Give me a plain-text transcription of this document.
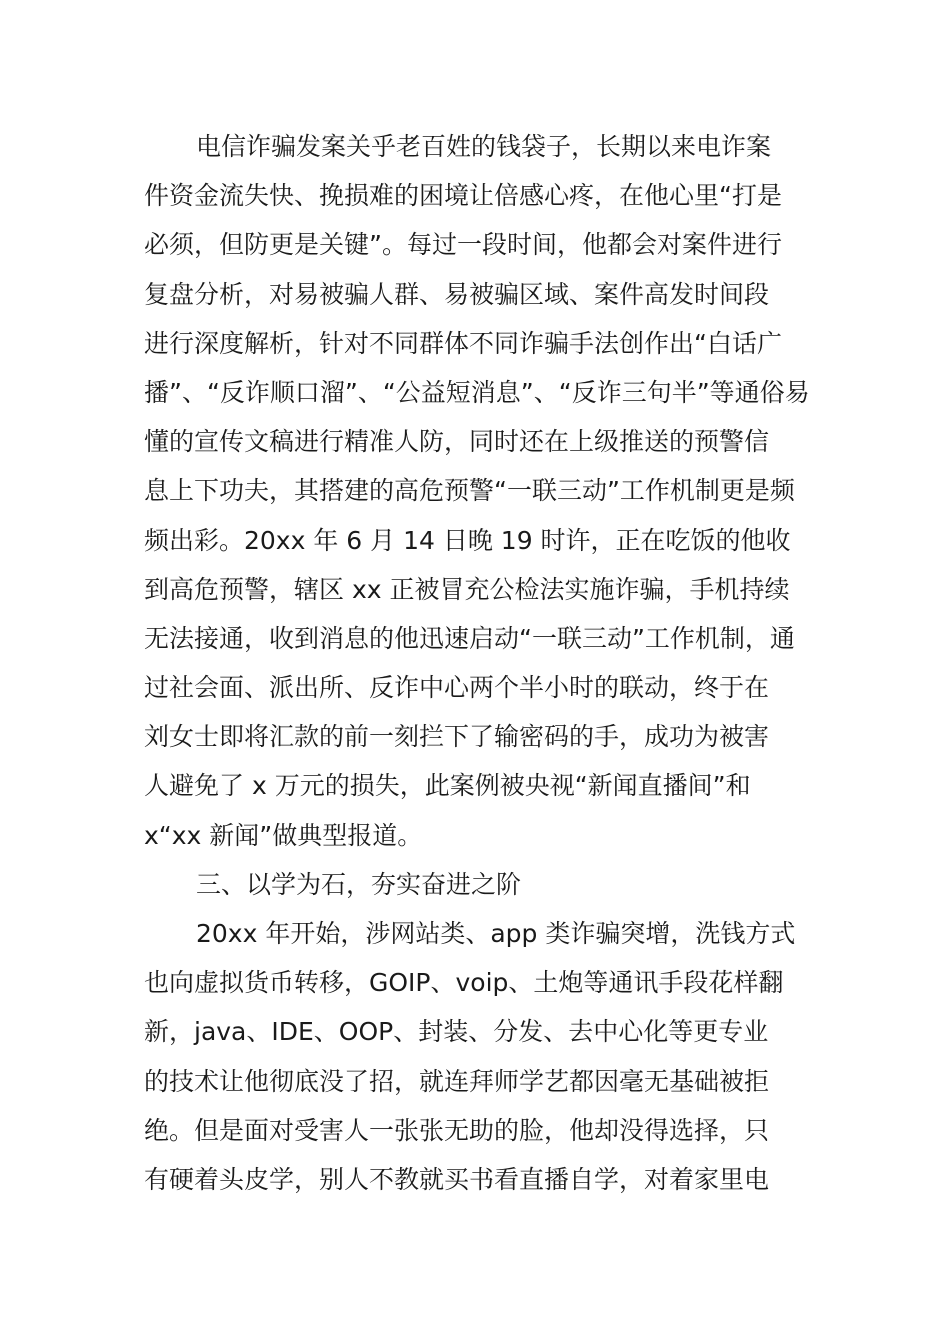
电信诈骗发案关乎老百姓的钱袋子，长期以来电诈案
件资金流失快、挽损难的困境让倍感心疼，在他心里“打是
必须，但防更是关键”。每过一段时间，他都会对案件进行
复盘分析，对易被骗人群、易被骗区域、案件高发时间段
进行深度解析，针对不同群体不同诈骗手法创作出“白话广
播”、“反诈顺口溜”、“公益短消息”、“反诈三句半”等通俗易
懂的宣传文稿进行精准人防，同时还在上级推送的预警信
息上下功夫，其搭建的高危预警“一联三动”工作机制更是频
频出彩。20xx 年 6 月 14 日晚 19 时许，正在吃饭的他收
到高危预警，辖区 xx 正被冒充公检法实施诈骗，手机持续
无法接通，收到消息的他迅速启动“一联三动”工作机制，通
过社会面、派出所、反诈中心两个半小时的联动，终于在
刘女士即将汇款的前一刻拦下了输密码的手，成功为被害
人避免了 x 万元的损失，此案例被央视“新闻直播间”和
x“xx 新闻”做典型报道。
三、以学为石，夯实奋进之阶
20xx 年开始，涉网站类、app 类诈骗突增，洗钱方式
也向虚拟货币转移，GOIP、voip、土炮等通讯手段花样翻
新，java、IDE、OOP、封装、分发、去中心化等更专业
的技术让他彻底没了招，就连拜师学艺都因毫无基础被拒
绝。但是面对受害人一张张无助的脸，他却没得选择，只
有硬着头皮学，别人不教就买书看直播自学，对着家里电
